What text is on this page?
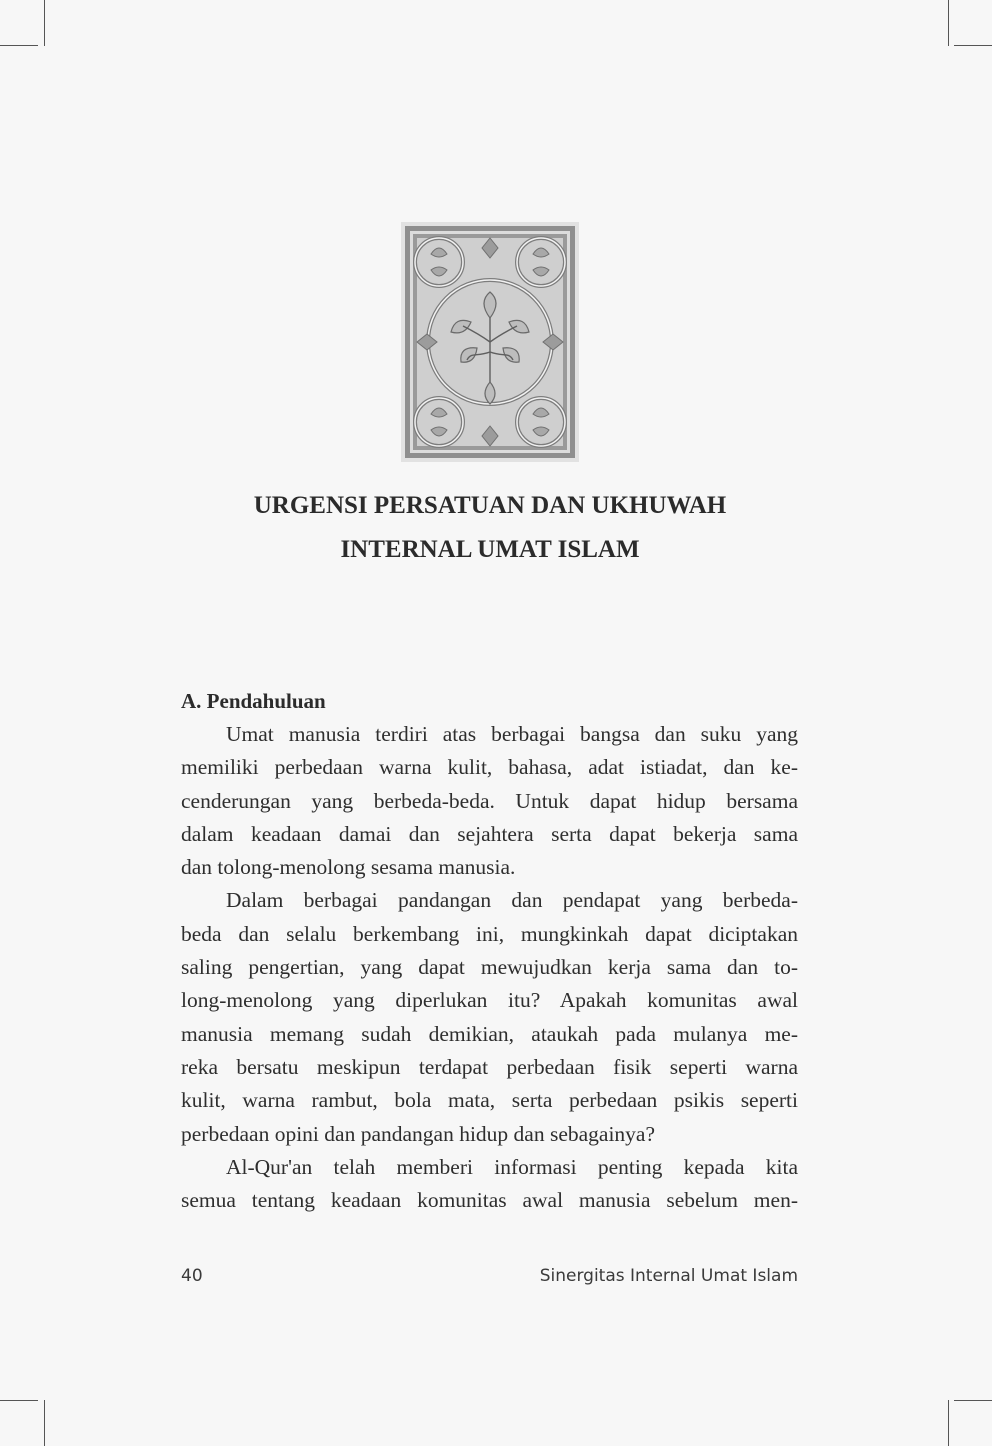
URGENSI PERSATUAN DAN UKHUWAH
INTERNAL UMAT ISLAM
A. Pendahuluan
Umat manusia terdiri atas berbagai bangsa dan suku yang
memiliki perbedaan warna kulit, bahasa, adat istiadat, dan ke-
cenderungan yang berbeda-beda. Untuk dapat hidup bersama
dalam keadaan damai dan sejahtera serta dapat bekerja sama
dan tolong-menolong sesama manusia.
Dalam berbagai pandangan dan pendapat yang berbeda-
beda dan selalu berkembang ini, mungkinkah dapat diciptakan
saling pengertian, yang dapat mewujudkan kerja sama dan to-
long-menolong yang diperlukan itu? Apakah komunitas awal
manusia memang sudah demikian, ataukah pada mulanya me-
reka bersatu meskipun terdapat perbedaan fisik seperti warna
kulit, warna rambut, bola mata, serta perbedaan psikis seperti
perbedaan opini dan pandangan hidup dan sebagainya?
Al-Qur'an telah memberi informasi penting kepada kita
semua tentang keadaan komunitas awal manusia sebelum men-
40	Sinergitas Internal Umat Islam
